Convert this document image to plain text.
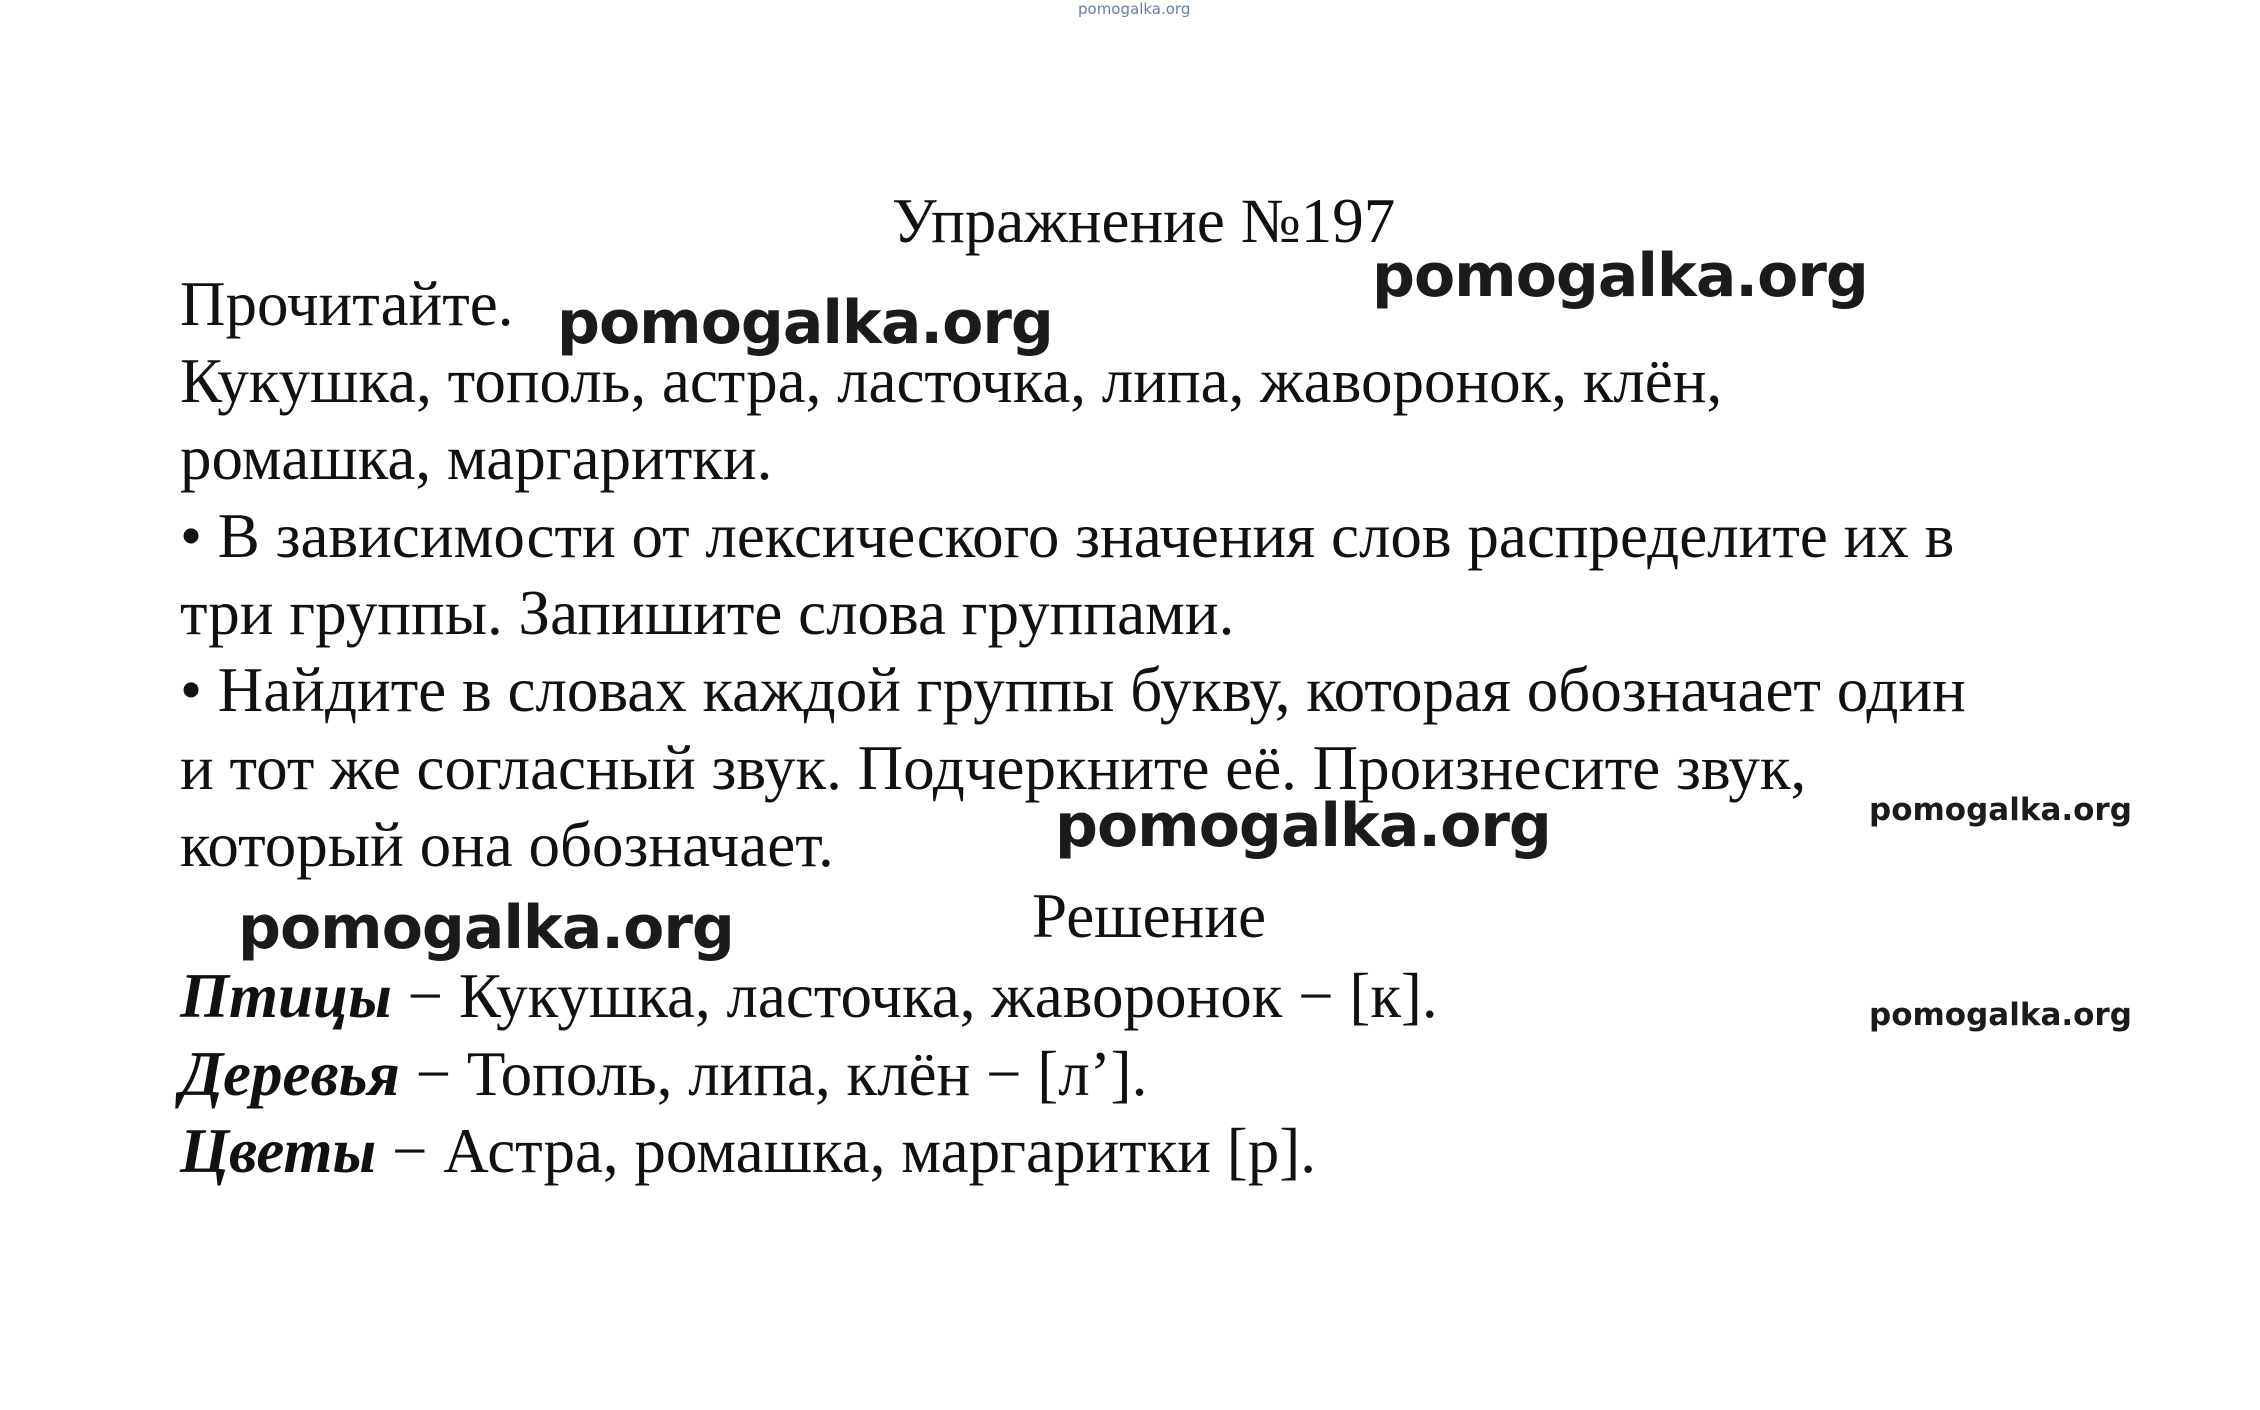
pomogalka.org
Упражнение №197

Прочитайте.

Кукушка, тополь, астра, ласточка, липа, жаворонок, клён,

ромашка, маргаритки.

• В зависимости от лексического значения слов распределите их в

три группы. Запишите слова группами.

• Найдите в словах каждой группы букву, которая обозначает один

и тот же согласный звук. Подчеркните её. Произнесите звук,

который она обозначает.

Решение

Птицы − Кукушка, ласточка, жаворонок − [к].

Деревья − Тополь, липа, клён − [л’].

Цветы − Астра, ромашка, маргаритки [р].

pomogalka.org
pomogalka.org
pomogalka.org
pomogalka.org
pomogalka.org
pomogalka.org
